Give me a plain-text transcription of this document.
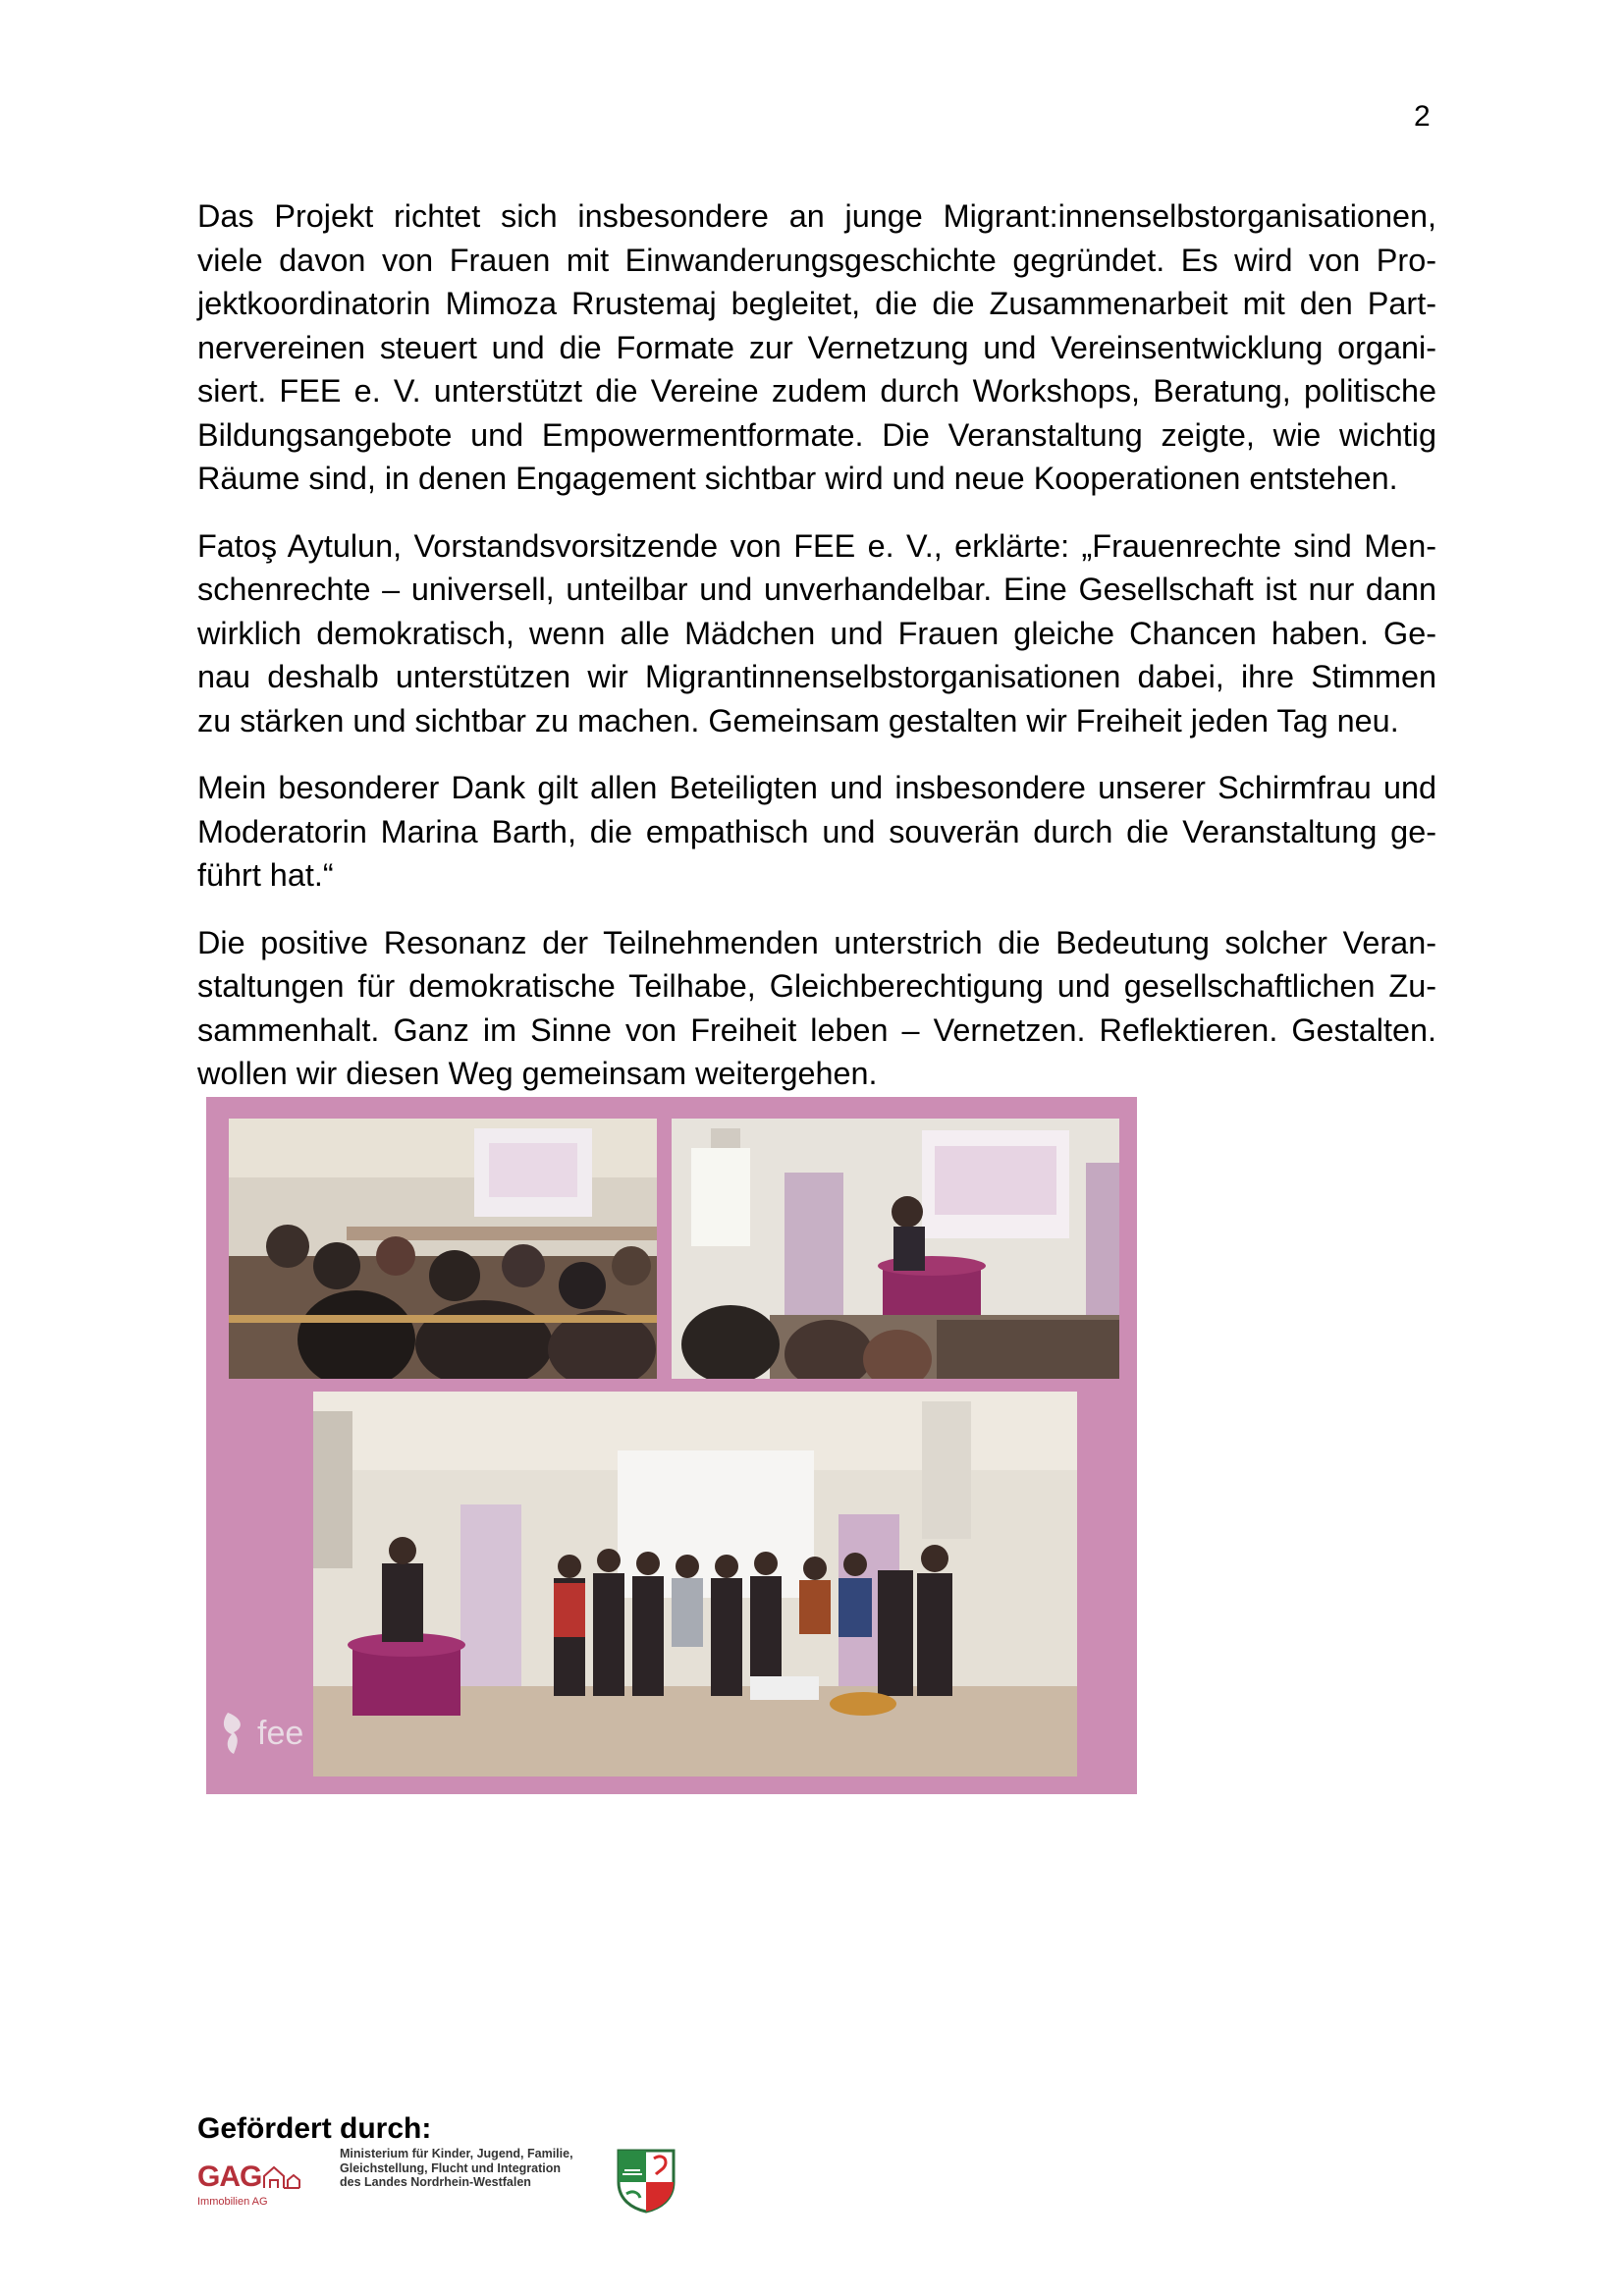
2

Das Projekt richtet sich insbesondere an junge Migrant:innenselbstorganisationen,
viele davon von Frauen mit Einwanderungsgeschichte gegründet. Es wird von Pro-
jektkoordinatorin Mimoza Rrustemaj begleitet, die die Zusammenarbeit mit den Part-
nervereinen steuert und die Formate zur Vernetzung und Vereinsentwicklung organi-
siert. FEE e. V. unterstützt die Vereine zudem durch Workshops, Beratung, politische
Bildungsangebote und Empowermentformate. Die Veranstaltung zeigte, wie wichtig
Räume sind, in denen Engagement sichtbar wird und neue Kooperationen entstehen.

Fatoş Aytulun, Vorstandsvorsitzende von FEE e. V., erklärte: „Frauenrechte sind Men-
schenrechte – universell, unteilbar und unverhandelbar. Eine Gesellschaft ist nur dann
wirklich demokratisch, wenn alle Mädchen und Frauen gleiche Chancen haben. Ge-
nau deshalb unterstützen wir Migrantinnenselbstorganisationen dabei, ihre Stimmen
zu stärken und sichtbar zu machen. Gemeinsam gestalten wir Freiheit jeden Tag neu.

Mein besonderer Dank gilt allen Beteiligten und insbesondere unserer Schirmfrau und
Moderatorin Marina Barth, die empathisch und souverän durch die Veranstaltung ge-
führt hat.“

Die positive Resonanz der Teilnehmenden unterstrich die Bedeutung solcher Veran-
staltungen für demokratische Teilhabe, Gleichberechtigung und gesellschaftlichen Zu-
sammenhalt. Ganz im Sinne von Freiheit leben – Vernetzen. Reflektieren. Gestalten.
wollen wir diesen Weg gemeinsam weitergehen.

fee
Gefördert durch:
GAG
Immobilien AG
Ministerium für Kinder, Jugend, Familie,
Gleichstellung, Flucht und Integration
des Landes Nordrhein-Westfalen
